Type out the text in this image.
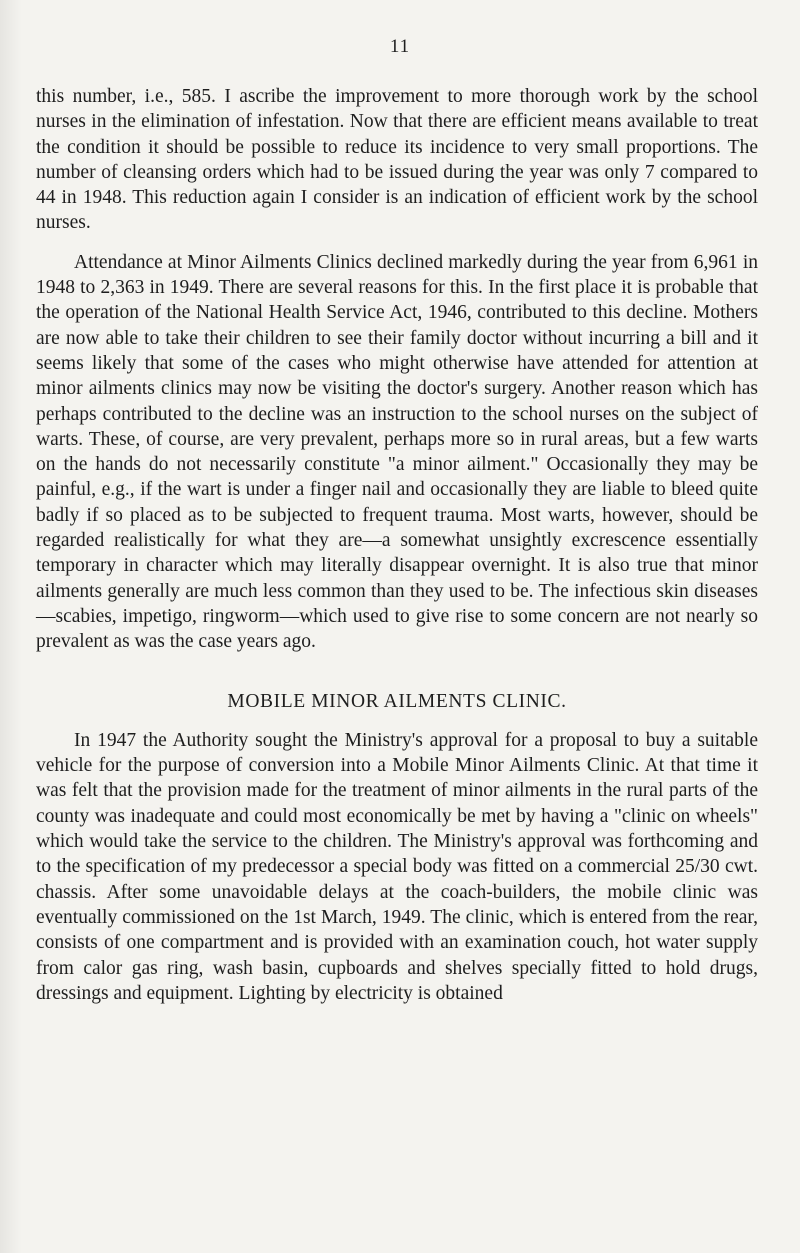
11

this number, i.e., 585. I ascribe the improvement to more thorough work by the school nurses in the elimination of infestation. Now that there are efficient means available to treat the condition it should be possible to reduce its incidence to very small proportions. The number of cleansing orders which had to be issued during the year was only 7 compared to 44 in 1948. This reduction again I consider is an indication of efficient work by the school nurses.

Attendance at Minor Ailments Clinics declined markedly during the year from 6,961 in 1948 to 2,363 in 1949. There are several reasons for this. In the first place it is probable that the operation of the National Health Service Act, 1946, contributed to this decline. Mothers are now able to take their children to see their family doctor without incurring a bill and it seems likely that some of the cases who might otherwise have attended for attention at minor ailments clinics may now be visiting the doctor's surgery. Another reason which has perhaps contributed to the decline was an instruction to the school nurses on the subject of warts. These, of course, are very prevalent, perhaps more so in rural areas, but a few warts on the hands do not necessarily constitute "a minor ailment." Occasionally they may be painful, e.g., if the wart is under a finger nail and occasionally they are liable to bleed quite badly if so placed as to be subjected to frequent trauma. Most warts, however, should be regarded realistically for what they are—a somewhat unsightly excrescence essentially temporary in character which may literally disappear overnight. It is also true that minor ailments generally are much less common than they used to be. The infectious skin diseases—scabies, impetigo, ringworm—which used to give rise to some concern are not nearly so prevalent as was the case years ago.

MOBILE MINOR AILMENTS CLINIC.

In 1947 the Authority sought the Ministry's approval for a proposal to buy a suitable vehicle for the purpose of conversion into a Mobile Minor Ailments Clinic. At that time it was felt that the provision made for the treatment of minor ailments in the rural parts of the county was inadequate and could most economically be met by having a "clinic on wheels" which would take the service to the children. The Ministry's approval was forthcoming and to the specification of my predecessor a special body was fitted on a commercial 25/30 cwt. chassis. After some unavoidable delays at the coach-builders, the mobile clinic was eventually commissioned on the 1st March, 1949. The clinic, which is entered from the rear, consists of one compartment and is provided with an examination couch, hot water supply from calor gas ring, wash basin, cupboards and shelves specially fitted to hold drugs, dressings and equipment. Lighting by electricity is obtained
